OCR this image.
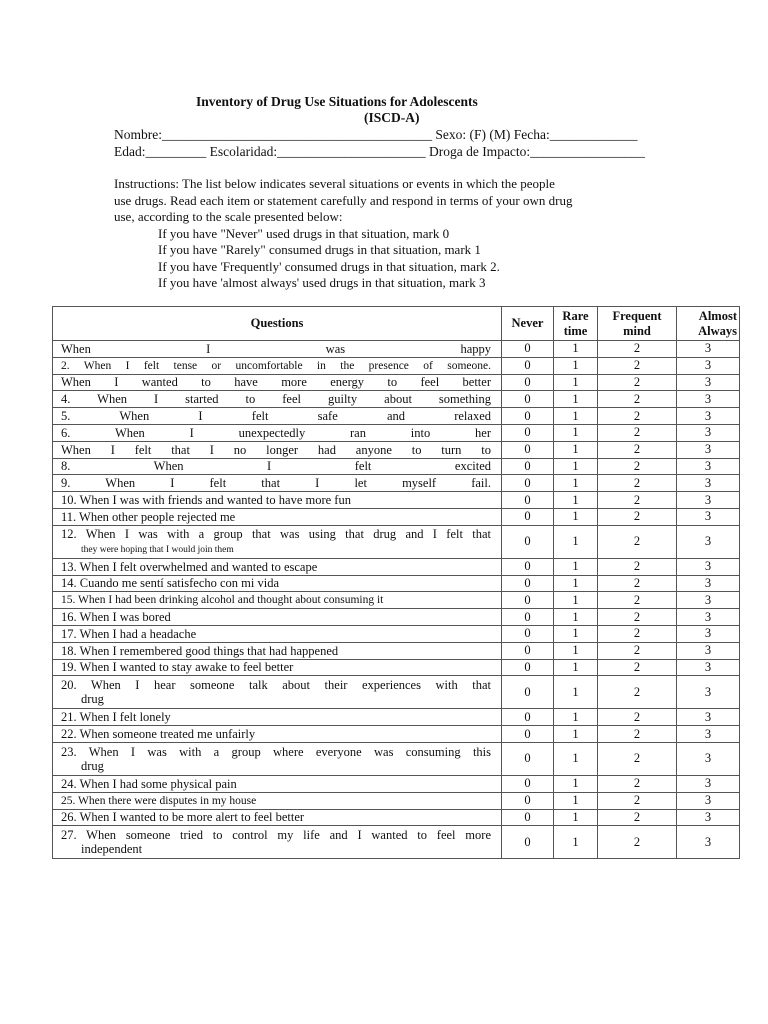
Inventory of Drug Use Situations for Adolescents
(ISCD-A)
Nombre:________________________________________ Sexo: (F) (M) Fecha:_____________
Edad:_________ Escolaridad:______________________ Droga de Impacto:_________________

Instructions: The list below indicates several situations or events in which the people use drugs. Read each item or statement carefully and respond in terms of your own drug use, according to the scale presented below:

If you have "Never" used drugs in that situation, mark 0

If you have "Rarely" consumed drugs in that situation, mark 1

If you have 'Frequently' consumed drugs in that situation, mark 2.

If you have 'almost always' used drugs in that situation, mark 3

Questions	Never	Rare time	Frequent mind	Almost Always
When I was happy	0	1	2	3
2. When I felt tense or uncomfortable in the presence of someone.	0	1	2	3
When I wanted to have more energy to feel better	0	1	2	3
4. When I started to feel guilty about something	0	1	2	3
5. When I felt safe and relaxed	0	1	2	3
6. When I unexpectedly ran into her	0	1	2	3
When I felt that I no longer had anyone to turn to	0	1	2	3
8. When I felt excited	0	1	2	3
9. When I felt that I let myself fail.	0	1	2	3
10. When I was with friends and wanted to have more fun	0	1	2	3
11. When other people rejected me	0	1	2	3

12. When I was with a group that was using that drug and I felt that
they were hoping that I would join them	0	1	2	3
13. When I felt overwhelmed and wanted to escape	0	1	2	3
14. Cuando me sentí satisfecho con mi vida	0	1	2	3
15. When I had been drinking alcohol and thought about consuming it	0	1	2	3
16. When I was bored	0	1	2	3
17. When I had a headache	0	1	2	3
18. When I remembered good things that had happened	0	1	2	3
19. When I wanted to stay awake to feel better	0	1	2	3

20. When I hear someone talk about their experiences with that
drug	0	1	2	3
21. When I felt lonely	0	1	2	3
22. When someone treated me unfairly	0	1	2	3

23. When I was with a group where everyone was consuming this
drug	0	1	2	3
24. When I had some physical pain	0	1	2	3
25. When there were disputes in my house	0	1	2	3
26. When I wanted to be more alert to feel better	0	1	2	3

27. When someone tried to control my life and I wanted to feel more
independent	0	1	2	3
